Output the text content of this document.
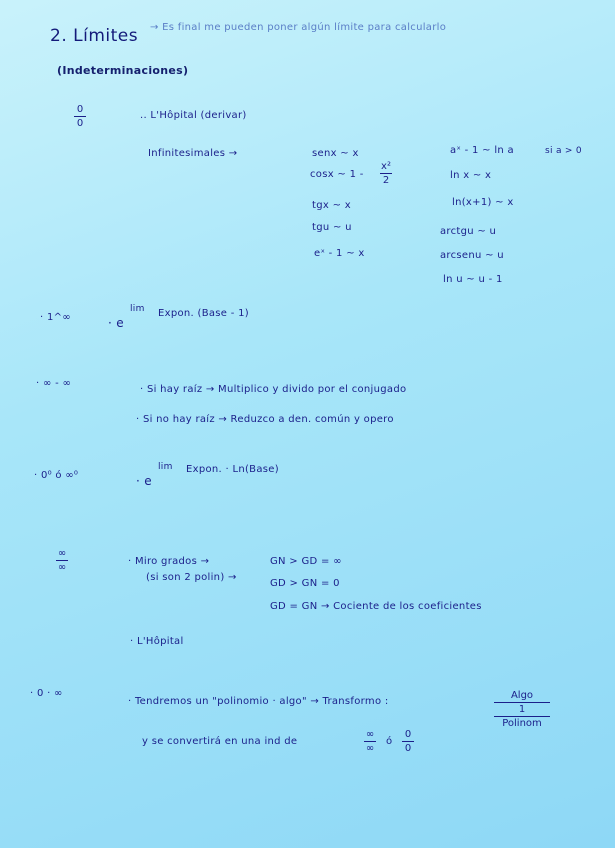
2. Límites → Es final me pueden poner algún límite para calcularlo
(Indeterminaciones)
0
0
.. L'Hôpital (derivar)
Infinitesimales →	senx ~ x
cosx ~ 1 -
x²
2
tgx ~ x
tgu ~ u
eˣ - 1 ~ x
aˣ - 1 ~ ln a	si a > 0
ln x ~ x
ln(x+1) ~ x
arctgu ~ u
arcsenu ~ u
ln u ~ u - 1
· 1^∞	· e
lim Expon. (Base - 1)
· ∞ - ∞
· Si hay raíz → Multiplico y divido por el conjugado
· Si no hay raíz → Reduzco a den. común y opero
· 0⁰ ó ∞⁰	· e
lim Expon. · Ln(Base)
∞
∞
· Miro grados →
(si son 2 polin) →
GN > GD = ∞
GD > GN = 0
GD = GN → Cociente de los coeficientes
· L'Hôpital
· 0 · ∞
· Tendremos un "polinomio · algo" → Transformo :
Algo
1
Polinom
y se convertirá en una ind de
∞
∞
ó
0
0
